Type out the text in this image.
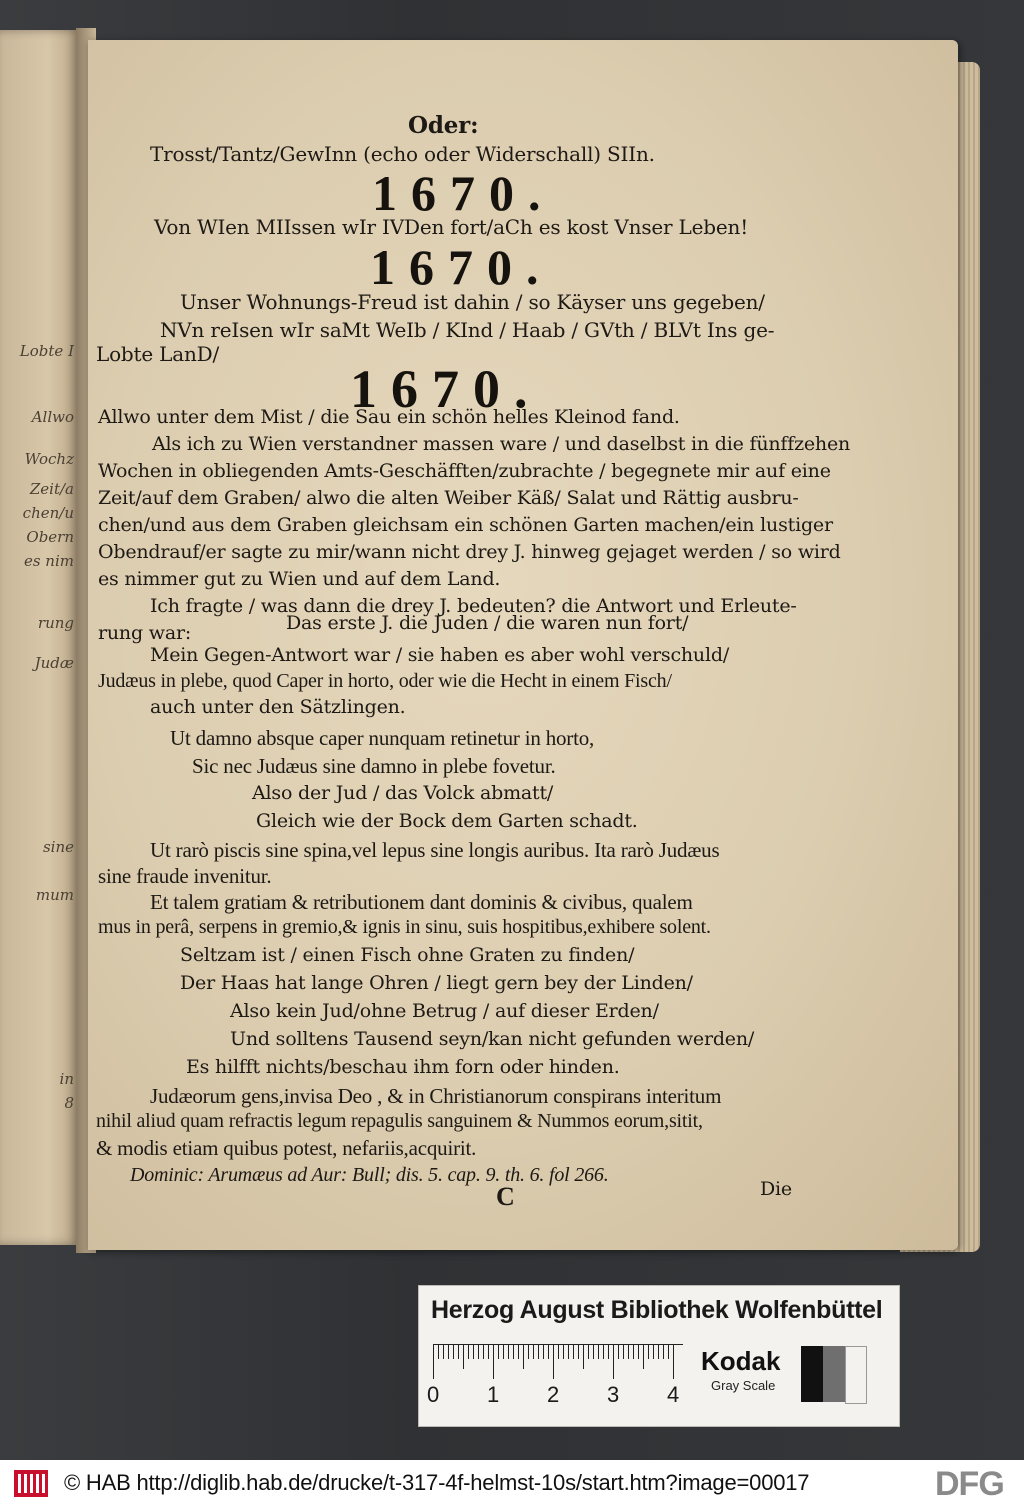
Lobte I
Allwo
Wochz
Zeit/a
chen/u
Obern
es nim
rung
Judæ
sine
mum
in
8
Oder:
Trosst/Tantz/GewInn (echo oder Widerschall) SIIn.
1670.
Von WIen MIIssen wIr IVDen fort/aCh es kost Vnser Leben!
1670.
Unser Wohnungs-Freud ist dahin / so Käyser uns gegeben/
NVn reIsen wIr saMt WeIb / KInd / Haab / GVth / BLVt Ins ge-
Lobte LanD/
1670.
Allwo unter dem Mist / die Sau ein schön helles Kleinod fand.
Als ich zu Wien verstandner massen ware / und daselbst in die fünffzehen
Wochen in obliegenden Amts-Geschäfften/zubrachte / begegnete mir auf eine
Zeit/auf dem Graben/ alwo die alten Weiber Käß/ Salat und Rättig ausbru-
chen/und aus dem Graben gleichsam ein schönen Garten machen/ein lustiger
Obendrauf/er sagte zu mir/wann nicht drey J. hinweg gejaget werden / so wird
es nimmer gut zu Wien und auf dem Land.
Ich fragte / was dann die drey J. bedeuten? die Antwort und Erleute-
rung war:	Das erste J. die Juden / die waren nun fort/
Mein Gegen-Antwort war / sie haben es aber wohl verschuld/
Judæus in plebe, quod Caper in horto, oder wie die Hecht in einem Fisch/
auch unter den Sätzlingen.
Ut damno absque caper nunquam retinetur in horto,
Sic nec Judæus sine damno in plebe fovetur.
Also der Jud / das Volck abmatt/
Gleich wie der Bock dem Garten schadt.
Ut rarò piscis sine spina,vel lepus sine longis auribus. Ita rarò Judæus
sine fraude invenitur.
Et talem gratiam & retributionem dant dominis & civibus, qualem
mus in perâ, serpens in gremio,& ignis in sinu, suis hospitibus,exhibere solent.
Seltzam ist / einen Fisch ohne Graten zu finden/
Der Haas hat lange Ohren / liegt gern bey der Linden/
Also kein Jud/ohne Betrug / auf dieser Erden/
Und solltens Tausend seyn/kan nicht gefunden werden/
Es hilfft nichts/beschau ihm forn oder hinden.
Judæorum gens,invisa Deo , & in Christianorum conspirans interitum
nihil aliud quam refractis legum repagulis sanguinem & Nummos eorum,sitit,
& modis etiam quibus potest, nefariis,acquirit.
Dominic: Arumæus ad Aur: Bull; dis. 5. cap. 9. th. 6. fol 266.
C	Die
Herzog August Bibliothek Wolfenbüttel
0 1 2 3 4
Kodak
Gray Scale
© HAB http://diglib.hab.de/drucke/t-317-4f-helmst-10s/start.htm?image=00017	DFG
